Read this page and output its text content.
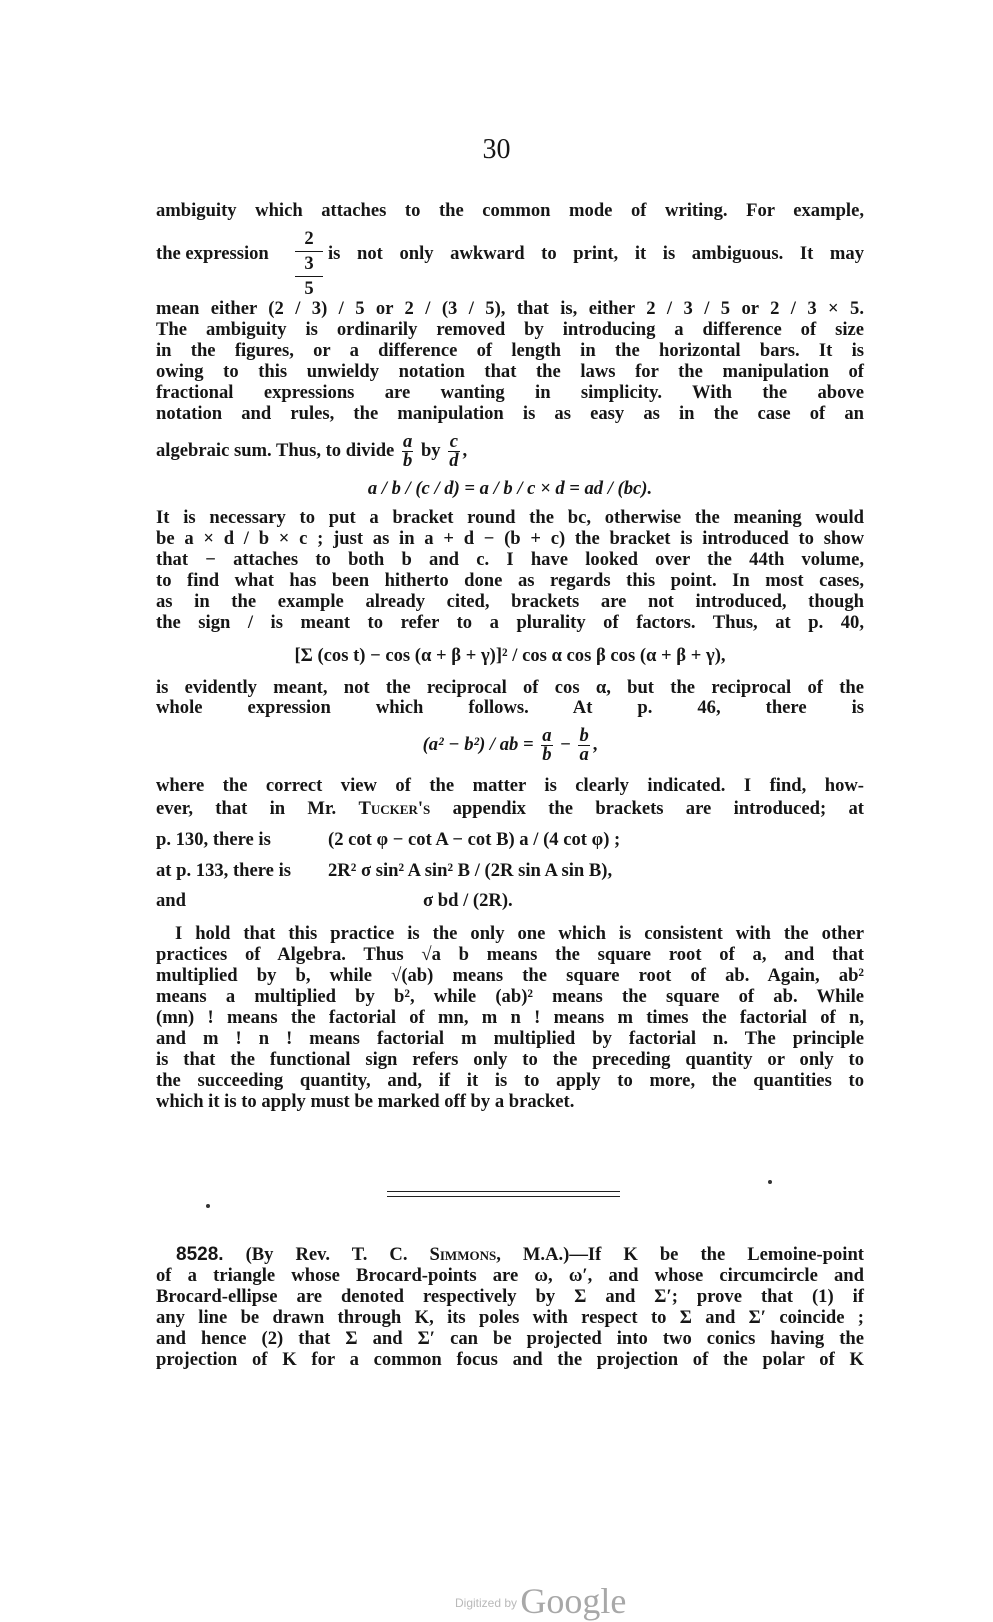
30
ambiguity which attaches to the common mode of writing. For example,
the expression
2
3
5
is not only awkward to print, it is ambiguous. It may
mean either (2 / 3) / 5 or 2 / (3 / 5), that is, either 2 / 3 / 5 or 2 / 3 × 5.
The ambiguity is ordinarily removed by introducing a difference of size
in the figures, or a difference of length in the horizontal bars. It is
owing to this unwieldy notation that the laws for the manipulation of
fractional expressions are wanting in simplicity. With the above
notation and rules, the manipulation is as easy as in the case of an
algebraic sum. Thus, to divide $\frac{a}{b}$ by $\frac{c}{d}$ ,
a / b / (c / d) = a / b / c × d = ad / (bc).
It is necessary to put a bracket round the bc, otherwise the meaning would
be a × d / b × c ; just as in a + d − (b + c) the bracket is introduced to show
that − attaches to both b and c. I have looked over the 44th volume,
to find what has been hitherto done as regards this point. In most cases,
as in the example already cited, brackets are not introduced, though
the sign / is meant to refer to a plurality of factors. Thus, at p. 40,
[Σ (cos t) − cos (α + β + γ)]² / cos α cos β cos (α + β + γ),
is evidently meant, not the reciprocal of cos α, but the reciprocal of the
whole expression which follows. At p. 46, there is
(a² − b²) / ab = $\frac{a}{b} - \frac{b}{a}$ ,
where the correct view of the matter is clearly indicated. I find, how-
ever, that in Mr. Tucker's appendix the brackets are introduced; at
p. 130, there is	(2 cot φ − cot A − cot B) a / (4 cot φ) ;
at p. 133, there is	2R² σ sin² A sin² B / (2R sin A sin B),
and	σ bd / (2R).
I hold that this practice is the only one which is consistent with the other
practices of Algebra. Thus √a b means the square root of a, and that
multiplied by b, while √(ab) means the square root of ab. Again, ab²
means a multiplied by b², while (ab)² means the square of ab. While
(mn) ! means the factorial of mn, m n ! means m times the factorial of n,
and m ! n ! means factorial m multiplied by factorial n. The principle
is that the functional sign refers only to the preceding quantity or only to
the succeeding quantity, and, if it is to apply to more, the quantities to
which it is to apply must be marked off by a bracket.
8528. (By Rev. T. C. Simmons, M.A.)—If K be the Lemoine-point
of a triangle whose Brocard-points are ω, ω′, and whose circumcircle and
Brocard-ellipse are denoted respectively by Σ and Σ′; prove that (1) if
any line be drawn through K, its poles with respect to Σ and Σ′ coincide ;
and hence (2) that Σ and Σ′ can be projected into two conics having the
projection of K for a common focus and the projection of the polar of K
Digitized by Google
